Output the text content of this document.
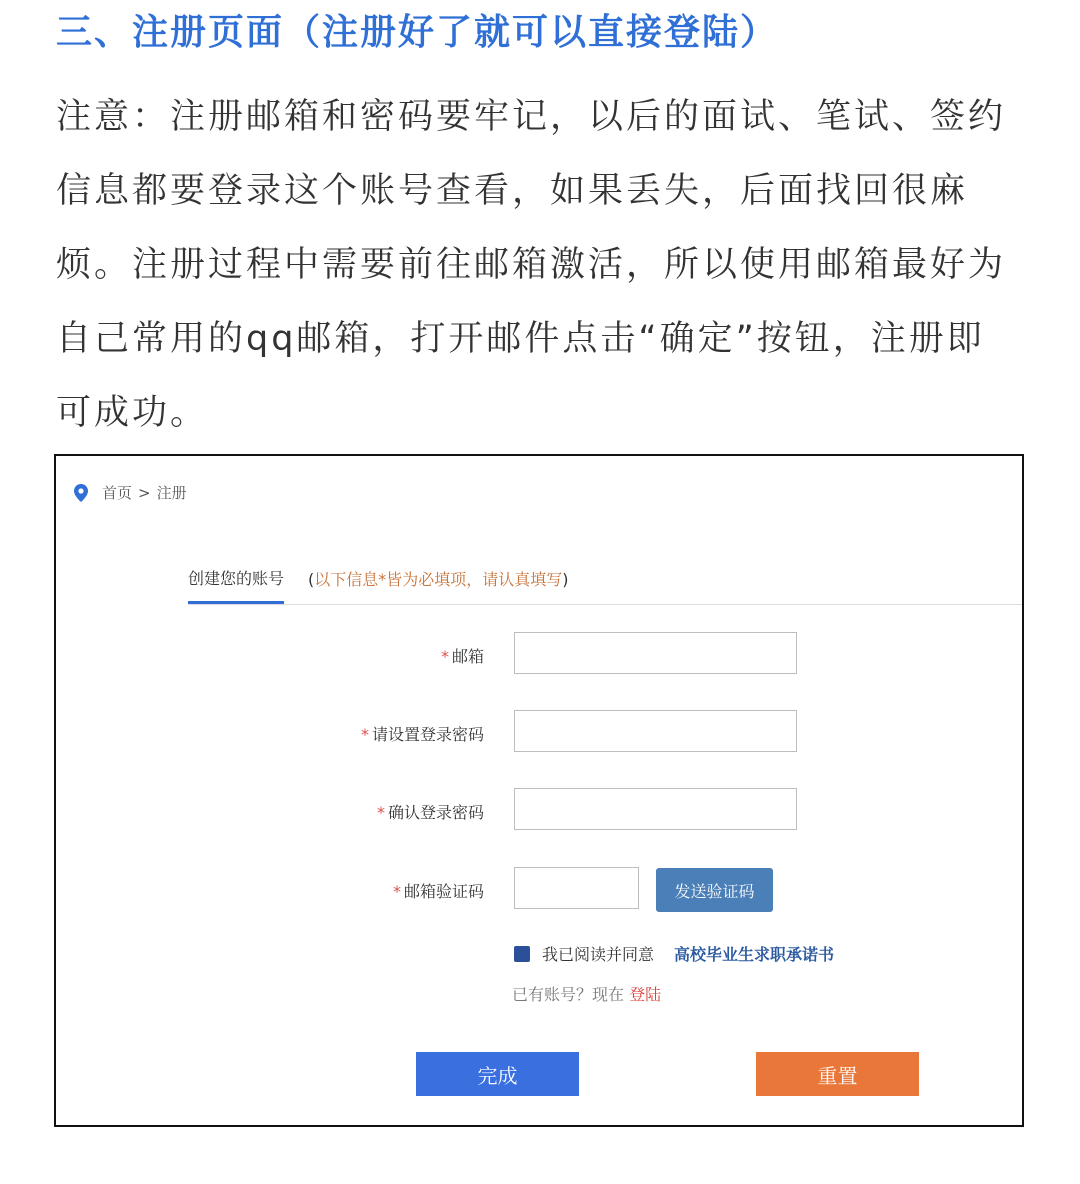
三、注册页面（注册好了就可以直接登陆）
注意：注册邮箱和密码要牢记，以后的面试、笔试、签约信息都要登录这个账号查看，如果丢失，后面找回很麻烦。注册过程中需要前往邮箱激活，所以使用邮箱最好为自己常用的qq邮箱，打开邮件点击“确定”按钮，注册即可成功。
首页 > 注册
创建您的账号 (以下信息*皆为必填项，请认真填写)
* 邮箱
* 请设置登录密码
* 确认登录密码
* 邮箱验证码	发送验证码
我已阅读并同意 高校毕业生求职承诺书
已有账号？现在 登陆
完成	重置
